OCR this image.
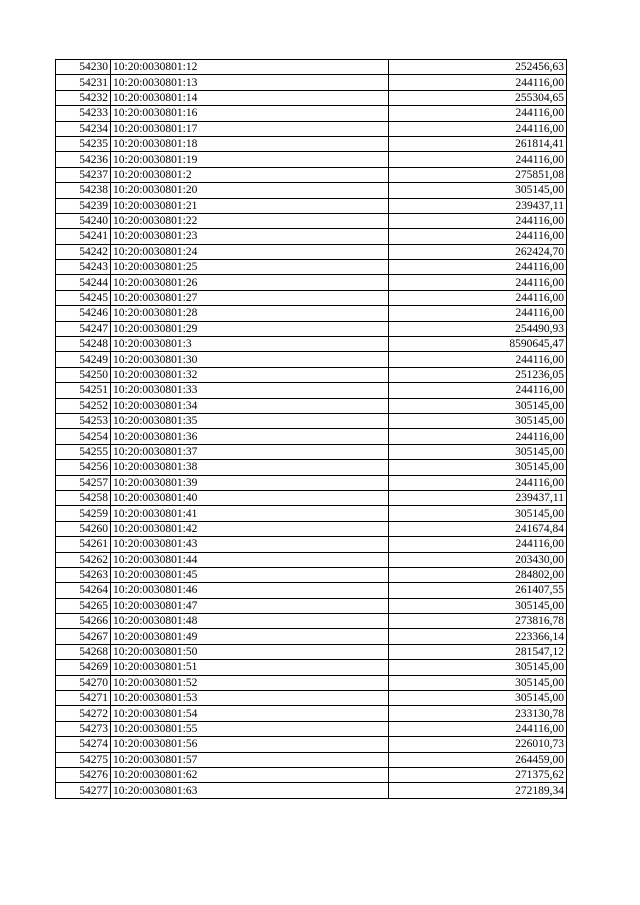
54230	10:20:0030801:12	252456,63
54231	10:20:0030801:13	244116,00
54232	10:20:0030801:14	255304,65
54233	10:20:0030801:16	244116,00
54234	10:20:0030801:17	244116,00
54235	10:20:0030801:18	261814,41
54236	10:20:0030801:19	244116,00
54237	10:20:0030801:2	275851,08
54238	10:20:0030801:20	305145,00
54239	10:20:0030801:21	239437,11
54240	10:20:0030801:22	244116,00
54241	10:20:0030801:23	244116,00
54242	10:20:0030801:24	262424,70
54243	10:20:0030801:25	244116,00
54244	10:20:0030801:26	244116,00
54245	10:20:0030801:27	244116,00
54246	10:20:0030801:28	244116,00
54247	10:20:0030801:29	254490,93
54248	10:20:0030801:3	8590645,47
54249	10:20:0030801:30	244116,00
54250	10:20:0030801:32	251236,05
54251	10:20:0030801:33	244116,00
54252	10:20:0030801:34	305145,00
54253	10:20:0030801:35	305145,00
54254	10:20:0030801:36	244116,00
54255	10:20:0030801:37	305145,00
54256	10:20:0030801:38	305145,00
54257	10:20:0030801:39	244116,00
54258	10:20:0030801:40	239437,11
54259	10:20:0030801:41	305145,00
54260	10:20:0030801:42	241674,84
54261	10:20:0030801:43	244116,00
54262	10:20:0030801:44	203430,00
54263	10:20:0030801:45	284802,00
54264	10:20:0030801:46	261407,55
54265	10:20:0030801:47	305145,00
54266	10:20:0030801:48	273816,78
54267	10:20:0030801:49	223366,14
54268	10:20:0030801:50	281547,12
54269	10:20:0030801:51	305145,00
54270	10:20:0030801:52	305145,00
54271	10:20:0030801:53	305145,00
54272	10:20:0030801:54	233130,78
54273	10:20:0030801:55	244116,00
54274	10:20:0030801:56	226010,73
54275	10:20:0030801:57	264459,00
54276	10:20:0030801:62	271375,62
54277	10:20:0030801:63	272189,34
